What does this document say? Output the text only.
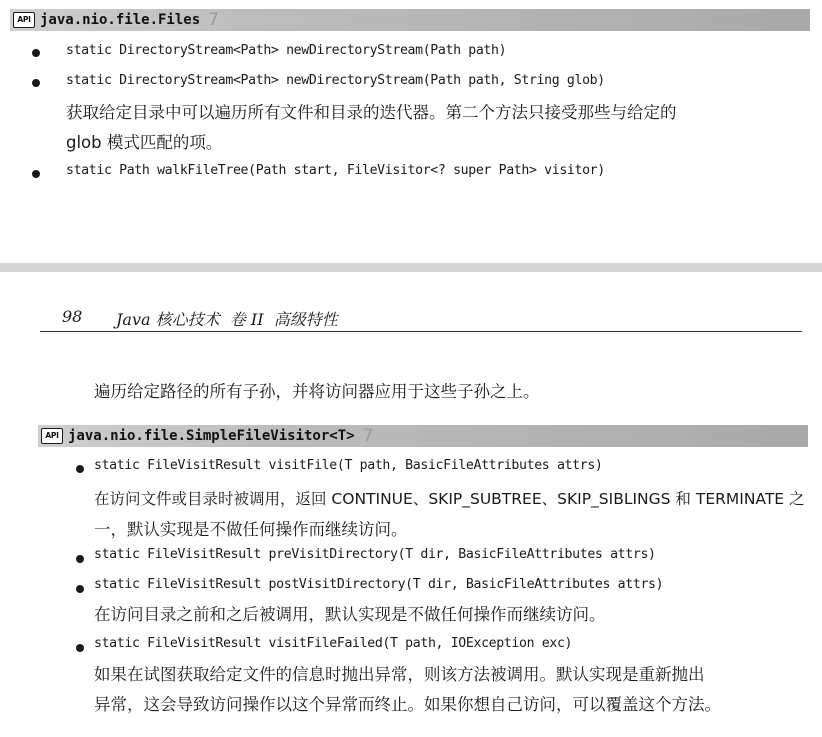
API java.nio.file.Files 7
static DirectoryStream<Path> newDirectoryStream(Path path)
static DirectoryStream<Path> newDirectoryStream(Path path, String glob)
获取给定目录中可以遍历所有文件和目录的迭代器。第二个方法只接受那些与给定的
glob 模式匹配的项。
static Path walkFileTree(Path start, FileVisitor<? super Path> visitor)
98 Java 核心技术  卷 II  高级特性
遍历给定路径的所有子孙，并将访问器应用于这些子孙之上。
API java.nio.file.SimpleFileVisitor<T> 7
static FileVisitResult visitFile(T path, BasicFileAttributes attrs)
在访问文件或目录时被调用，返回 CONTINUE、SKIP_SUBTREE、SKIP_SIBLINGS 和 TERMINATE 之
一，默认实现是不做任何操作而继续访问。
static FileVisitResult preVisitDirectory(T dir, BasicFileAttributes attrs)
static FileVisitResult postVisitDirectory(T dir, BasicFileAttributes attrs)
在访问目录之前和之后被调用，默认实现是不做任何操作而继续访问。
static FileVisitResult visitFileFailed(T path, IOException exc)
如果在试图获取给定文件的信息时抛出异常，则该方法被调用。默认实现是重新抛出
异常，这会导致访问操作以这个异常而终止。如果你想自己访问，可以覆盖这个方法。
